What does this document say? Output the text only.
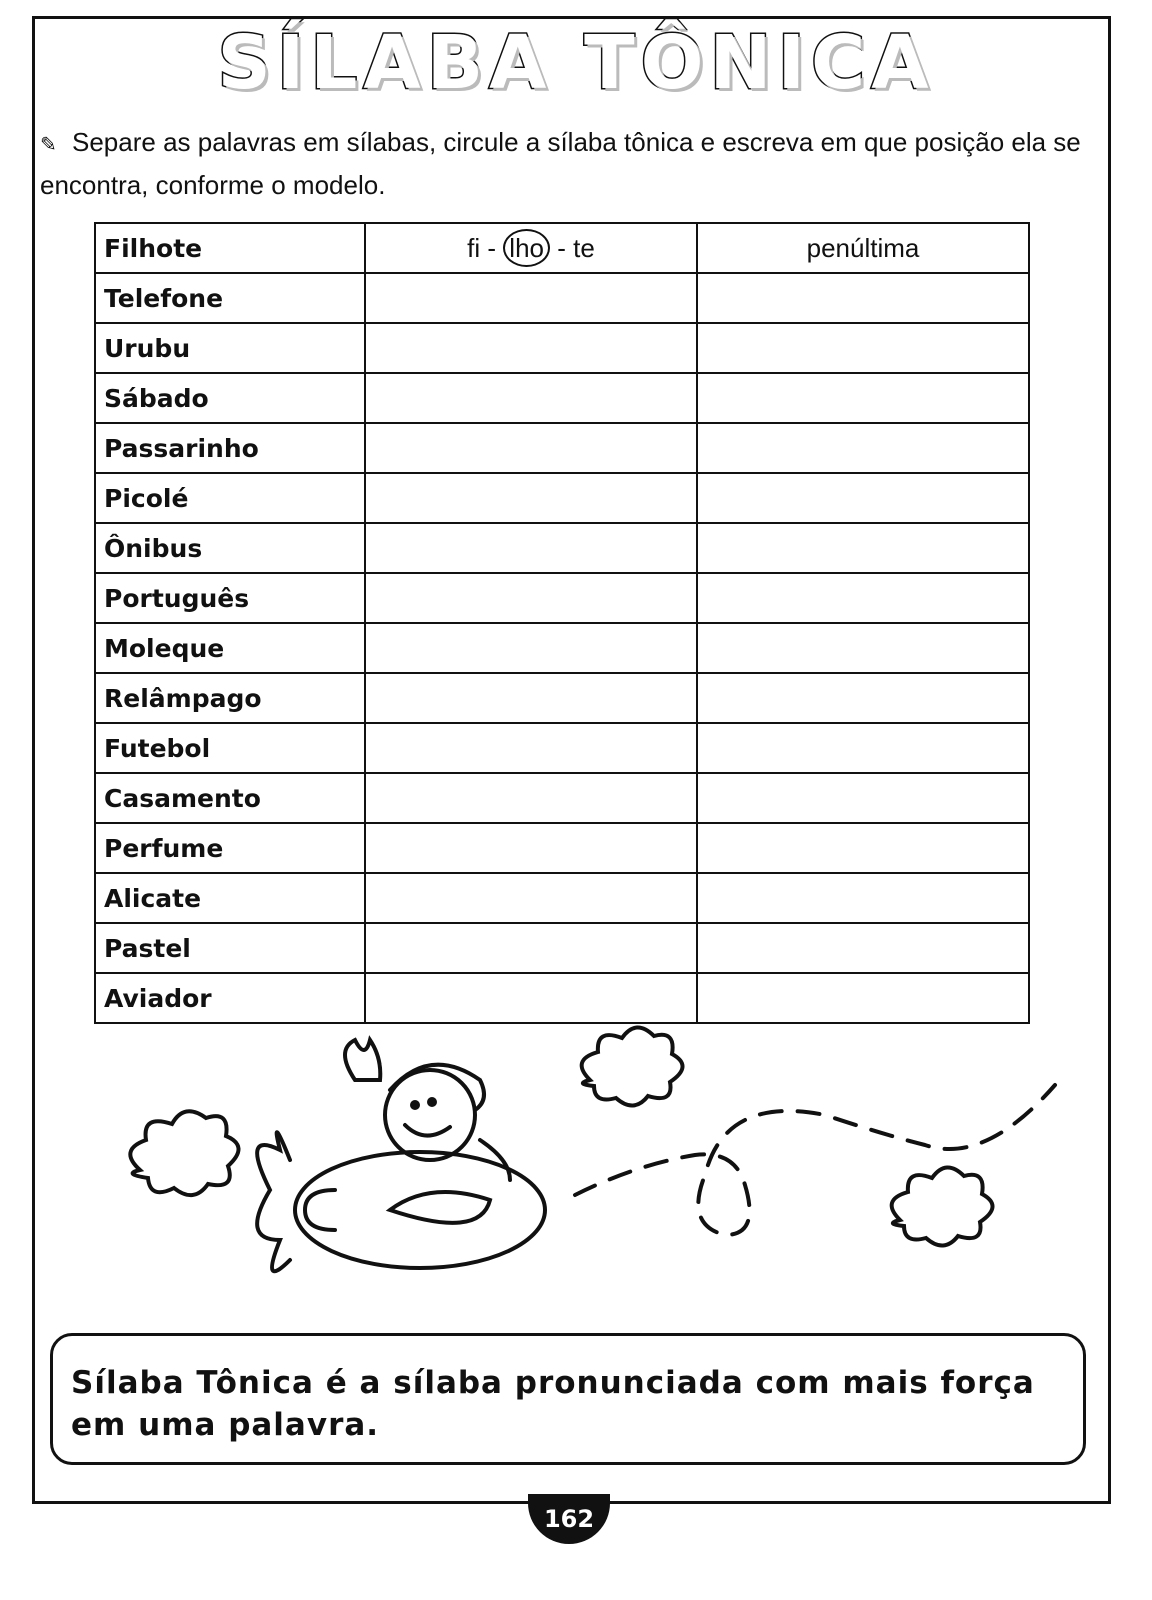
SÍLABA TÔNICA
✎ Separe as palavras em sílabas, circule a sílaba tônica e escreva em que posição ela se encontra, conforme o modelo.
Filhote	fi - lho - te	penúltima
Telefone		
Urubu		
Sábado		
Passarinho		
Picolé		
Ônibus		
Português		
Moleque		
Relâmpago		
Futebol		
Casamento		
Perfume		
Alicate		
Pastel		
Aviador		
Sílaba Tônica é a sílaba pronunciada com mais força em uma palavra.
162
